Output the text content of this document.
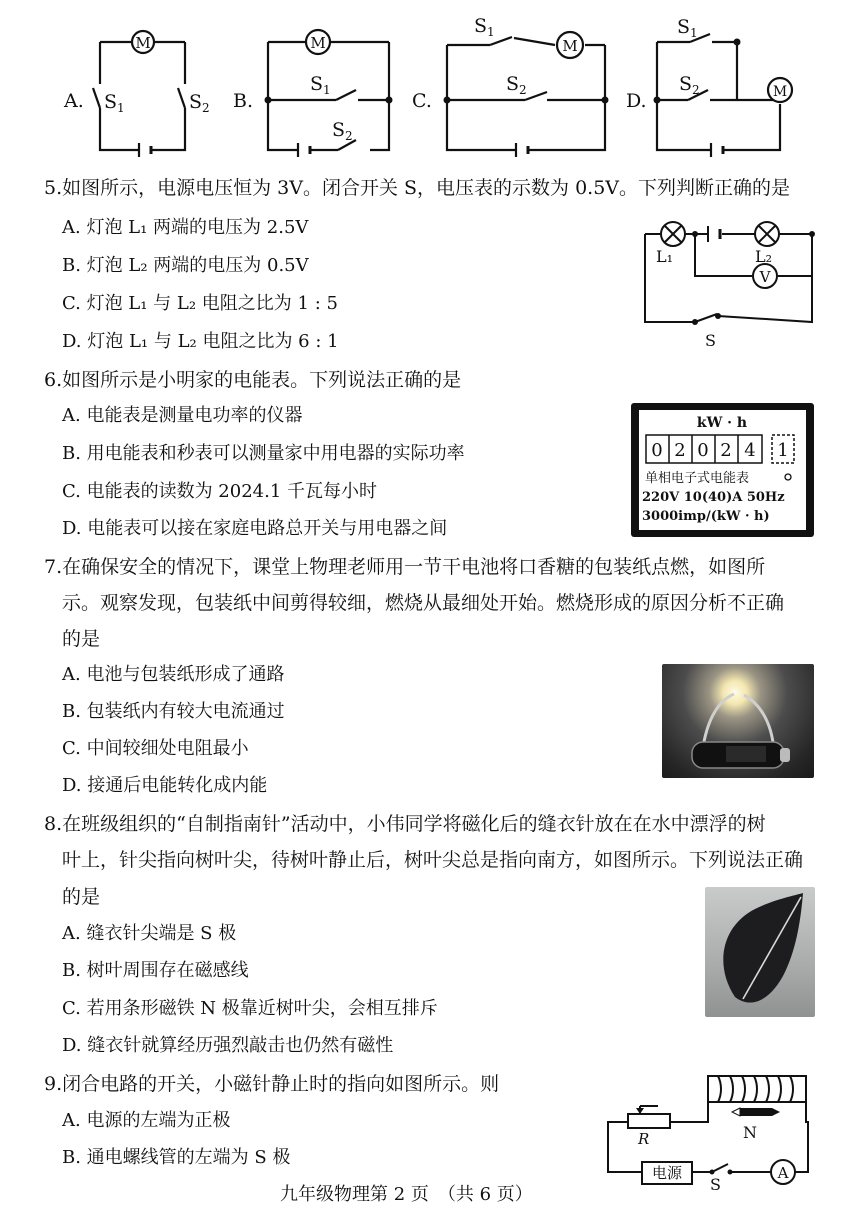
A. $S_1$	$S_2$
M
B.
$S_1$
$S_2$
M
C.
$S_1$
$S_2$
M
D.
$S_1$
$S_2$	M
5.如图所示，电源电压恒为 3V。闭合开关 S，电压表的示数为 0.5V。下列判断正确的是
A. 灯泡 L₁ 两端的电压为 2.5V
B. 灯泡 L₂ 两端的电压为 0.5V
C. 灯泡 L₁ 与 L₂ 电阻之比为 1 : 5
D. 灯泡 L₁ 与 L₂ 电阻之比为 6 : 1
L₁	L₂
V
S
6.如图所示是小明家的电能表。下列说法正确的是
A. 电能表是测量电功率的仪器
B. 用电能表和秒表可以测量家中用电器的实际功率
C. 电能表的读数为 2024.1 千瓦每小时
D. 电能表可以接在家庭电路总开关与用电器之间
kW · h
0 2 0 2 4 1
单相电子式电能表
220V 10(40)A 50Hz
3000imp/(kW · h)
7.在确保安全的情况下，课堂上物理老师用一节干电池将口香糖的包装纸点燃，如图所
示。观察发现，包装纸中间剪得较细，燃烧从最细处开始。燃烧形成的原因分析不正确
的是
A. 电池与包装纸形成了通路
B. 包装纸内有较大电流通过
C. 中间较细处电阻最小
D. 接通后电能转化成内能
8.在班级组织的“自制指南针”活动中，小伟同学将磁化后的缝衣针放在在水中漂浮的树
叶上，针尖指向树叶尖，待树叶静止后，树叶尖总是指向南方，如图所示。下列说法正确
的是
A. 缝衣针尖端是 S 极
B. 树叶周围存在磁感线
C. 若用条形磁铁 N 极靠近树叶尖，会相互排斥
D. 缝衣针就算经历强烈敲击也仍然有磁性
9.闭合电路的开关，小磁针静止时的指向如图所示。则
A. 电源的左端为正极
B. 通电螺线管的左端为 S 极
R	N
电源
S
A
九年级物理第 2 页　（共 6 页）
